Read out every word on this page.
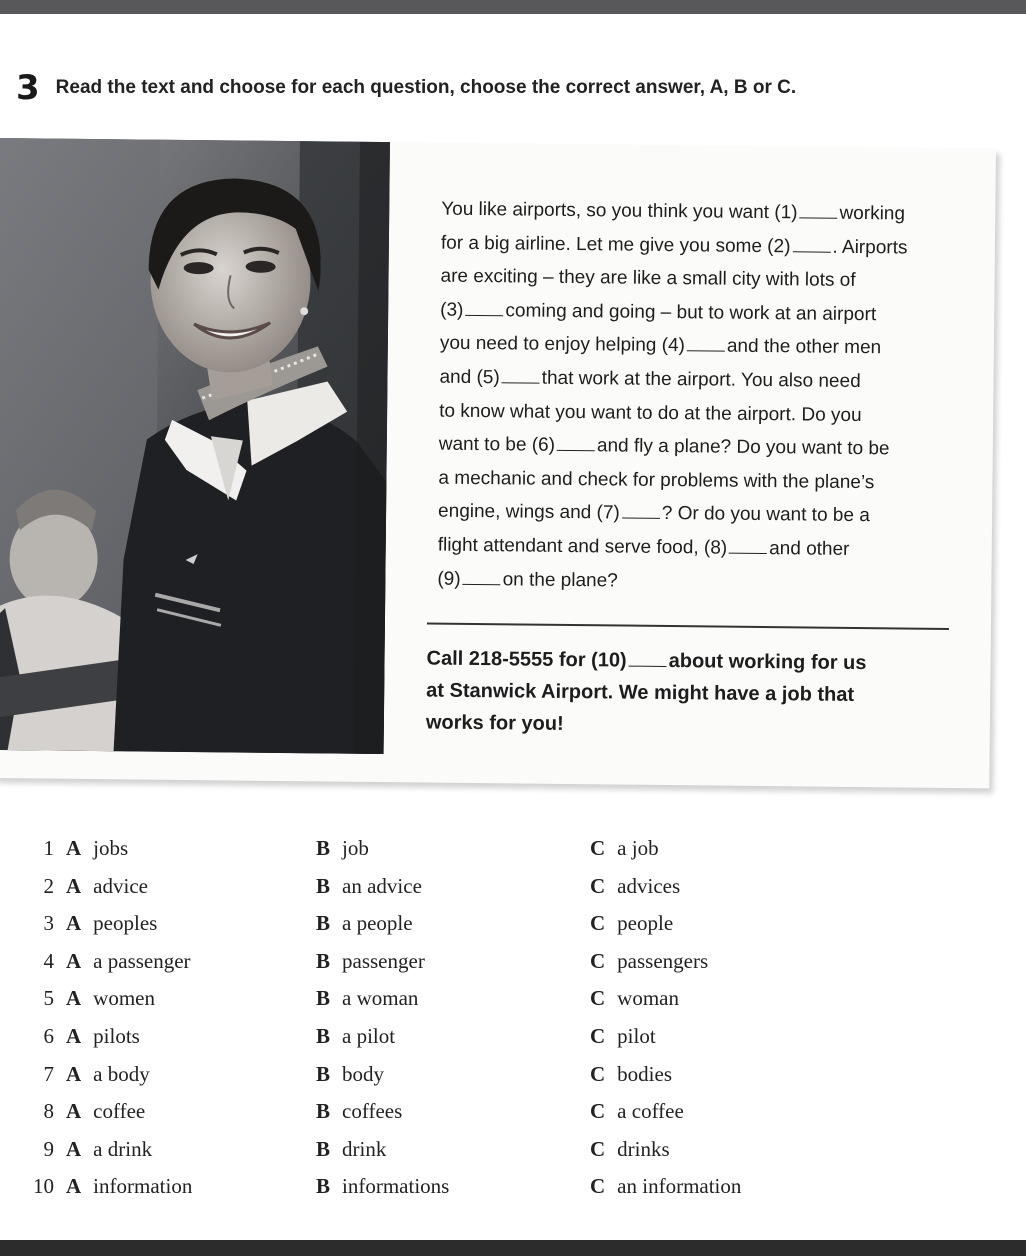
3 Read the text and choose for each question, choose the correct answer, A, B or C.
You like airports, so you think you want (1) working
for a big airline. Let me give you some (2) . Airports
are exciting – they are like a small city with lots of
(3) coming and going – but to work at an airport
you need to enjoy helping (4) and the other men
and (5) that work at the airport. You also need
to know what you want to do at the airport. Do you
want to be (6) and fly a plane? Do you want to be
a mechanic and check for problems with the plane’s
engine, wings and (7) ? Or do you want to be a
flight attendant and serve food, (8) and other
(9) on the plane?
Call 218-5555 for (10) about working for us
at Stanwick Airport. We might have a job that
works for you!
1 A jobs	B job	C a job
2 A advice	B an advice	C advices
3 A peoples	B a people	C people
4 A a passenger	B passenger	C passengers
5 A women	B a woman	C woman
6 A pilots	B a pilot	C pilot
7 A a body	B body	C bodies
8 A coffee	B coffees	C a coffee
9 A a drink	B drink	C drinks
10 A information	B informations	C an information
